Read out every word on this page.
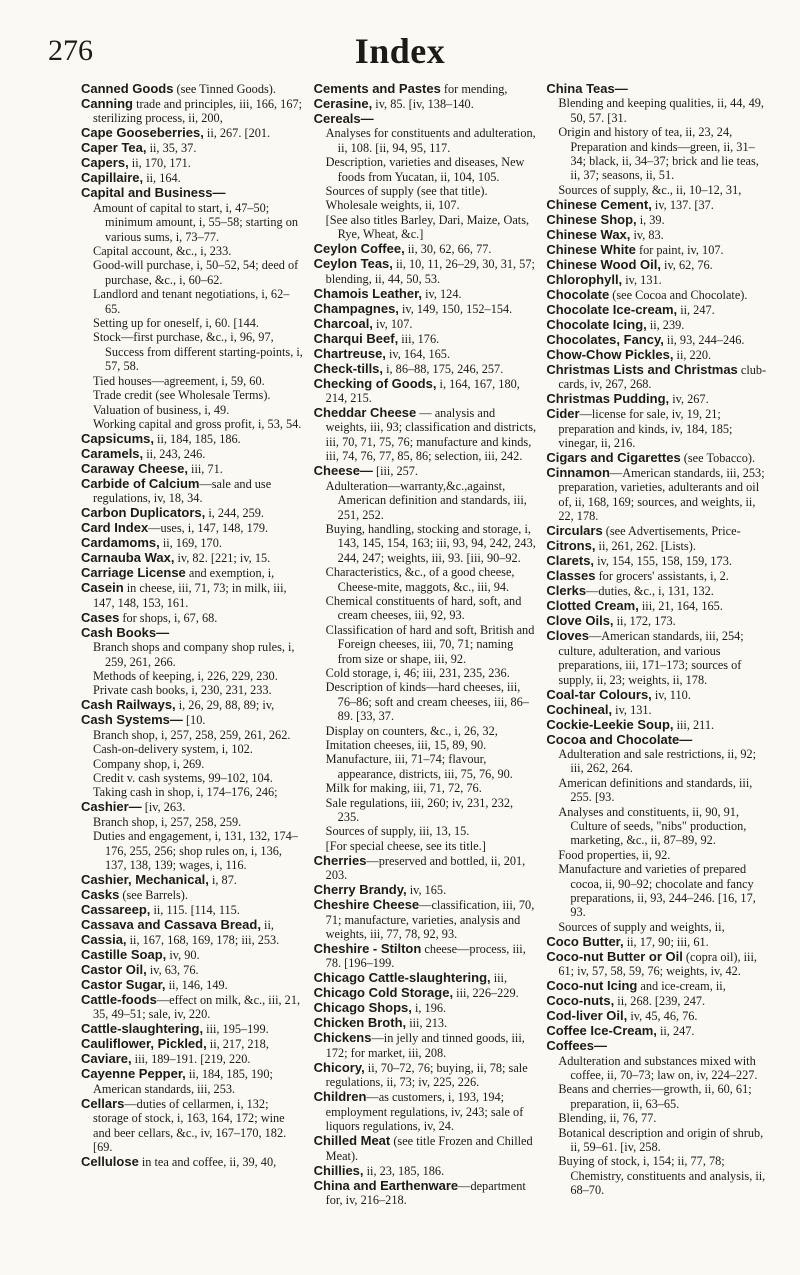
276	Index
Canned Goods (see Tinned Goods).
Canning trade and principles, iii, 166, 167; sterilizing process, ii, 200,
Cape Gooseberries, ii, 267. [201.
Caper Tea, ii, 35, 37.
Capers, ii, 170, 171.
Capillaire, ii, 164.
Capital and Business—
Amount of capital to start, i, 47–50; minimum amount, i, 55–58; starting on various sums, i, 73–77.
Capital account, &c., i, 233.
Good-will purchase, i, 50–52, 54; deed of purchase, &c., i, 60–62.
Landlord and tenant negotiations, i, 62–65.
Setting up for oneself, i, 60. [144.
Stock—first purchase, &c., i, 96, 97, Success from different starting-points, i, 57, 58.
Tied houses—agreement, i, 59, 60.
Trade credit (see Wholesale Terms).
Valuation of business, i, 49.
Working capital and gross profit, i, 53, 54.
Capsicums, ii, 184, 185, 186.
Caramels, ii, 243, 246.
Caraway Cheese, iii, 71.
Carbide of Calcium—sale and use regulations, iv, 18, 34.
Carbon Duplicators, i, 244, 259.
Card Index—uses, i, 147, 148, 179.
Cardamoms, ii, 169, 170.
Carnauba Wax, iv, 82. [221; iv, 15.
Carriage License and exemption, i,
Casein in cheese, iii, 71, 73; in milk, iii, 147, 148, 153, 161.
Cases for shops, i, 67, 68.
Cash Books—
Branch shops and company shop rules, i, 259, 261, 266.
Methods of keeping, i, 226, 229, 230.
Private cash books, i, 230, 231, 233.
Cash Railways, i, 26, 29, 88, 89; iv,
Cash Systems— [10.
Branch shop, i, 257, 258, 259, 261, 262.
Cash-on-delivery system, i, 102.
Company shop, i, 269.
Credit v. cash systems, 99–102, 104.
Taking cash in shop, i, 174–176, 246;
Cashier— [iv, 263.
Branch shop, i, 257, 258, 259.
Duties and engagement, i, 131, 132, 174–176, 255, 256; shop rules on, i, 136, 137, 138, 139; wages, i, 116.
Cashier, Mechanical, i, 87.
Casks (see Barrels).
Cassareep, ii, 115. [114, 115.
Cassava and Cassava Bread, ii,
Cassia, ii, 167, 168, 169, 178; iii, 253.
Castille Soap, iv, 90.
Castor Oil, iv, 63, 76.
Castor Sugar, ii, 146, 149.
Cattle-foods—effect on milk, &c., iii, 21, 35, 49–51; sale, iv, 220.
Cattle-slaughtering, iii, 195–199.
Cauliflower, Pickled, ii, 217, 218,
Caviare, iii, 189–191. [219, 220.
Cayenne Pepper, ii, 184, 185, 190; American standards, iii, 253.
Cellars—duties of cellarmen, i, 132; storage of stock, i, 163, 164, 172; wine and beer cellars, &c., iv, 167–170, 182. [69.
Cellulose in tea and coffee, ii, 39, 40,
Cements and Pastes for mending,
Cerasine, iv, 85. [iv, 138–140.
Cereals—
Analyses for constituents and adulteration, ii, 108. [ii, 94, 95, 117.
Description, varieties and diseases, New foods from Yucatan, ii, 104, 105.
Sources of supply (see that title).
Wholesale weights, ii, 107.
[See also titles Barley, Dari, Maize, Oats, Rye, Wheat, &c.]
Ceylon Coffee, ii, 30, 62, 66, 77.
Ceylon Teas, ii, 10, 11, 26–29, 30, 31, 57; blending, ii, 44, 50, 53.
Chamois Leather, iv, 124.
Champagnes, iv, 149, 150, 152–154.
Charcoal, iv, 107.
Charqui Beef, iii, 176.
Chartreuse, iv, 164, 165.
Check-tills, i, 86–88, 175, 246, 257.
Checking of Goods, i, 164, 167, 180, 214, 215.
Cheddar Cheese — analysis and weights, iii, 93; classification and districts, iii, 70, 71, 75, 76; manufacture and kinds, iii, 74, 76, 77, 85, 86; selection, iii, 242.
Cheese— [iii, 257.
Adulteration—warranty,&c.,against, American definition and standards, iii, 251, 252.
Buying, handling, stocking and storage, i, 143, 145, 154, 163; iii, 93, 94, 242, 243, 244, 247; weights, iii, 93. [iii, 90–92.
Characteristics, &c., of a good cheese, Cheese-mite, maggots, &c., iii, 94.
Chemical constituents of hard, soft, and cream cheeses, iii, 92, 93.
Classification of hard and soft, British and Foreign cheeses, iii, 70, 71; naming from size or shape, iii, 92.
Cold storage, i, 46; iii, 231, 235, 236.
Description of kinds—hard cheeses, iii, 76–86; soft and cream cheeses, iii, 86–89. [33, 37.
Display on counters, &c., i, 26, 32,
Imitation cheeses, iii, 15, 89, 90.
Manufacture, iii, 71–74; flavour, appearance, districts, iii, 75, 76, 90.
Milk for making, iii, 71, 72, 76.
Sale regulations, iii, 260; iv, 231, 232, 235.
Sources of supply, iii, 13, 15.
[For special cheese, see its title.]
Cherries—preserved and bottled, ii, 201, 203.
Cherry Brandy, iv, 165.
Cheshire Cheese—classification, iii, 70, 71; manufacture, varieties, analysis and weights, iii, 77, 78, 92, 93.
Cheshire - Stilton cheese—process, iii, 78. [196–199.
Chicago Cattle-slaughtering, iii,
Chicago Cold Storage, iii, 226–229.
Chicago Shops, i, 196.
Chicken Broth, iii, 213.
Chickens—in jelly and tinned goods, iii, 172; for market, iii, 208.
Chicory, ii, 70–72, 76; buying, ii, 78; sale regulations, ii, 73; iv, 225, 226.
Children—as customers, i, 193, 194; employment regulations, iv, 243; sale of liquors regulations, iv, 24.
Chilled Meat (see title Frozen and Chilled Meat).
Chillies, ii, 23, 185, 186.
China and Earthenware—department for, iv, 216–218.
China Teas—
Blending and keeping qualities, ii, 44, 49, 50, 57. [31.
Origin and history of tea, ii, 23, 24, Preparation and kinds—green, ii, 31–34; black, ii, 34–37; brick and lie teas, ii, 37; seasons, ii, 51.
Sources of supply, &c., ii, 10–12, 31,
Chinese Cement, iv, 137. [37.
Chinese Shop, i, 39.
Chinese Wax, iv, 83.
Chinese White for paint, iv, 107.
Chinese Wood Oil, iv, 62, 76.
Chlorophyll, iv, 131.
Chocolate (see Cocoa and Chocolate).
Chocolate Ice-cream, ii, 247.
Chocolate Icing, ii, 239.
Chocolates, Fancy, ii, 93, 244–246.
Chow-Chow Pickles, ii, 220.
Christmas Lists and Christmas club-cards, iv, 267, 268.
Christmas Pudding, iv, 267.
Cider—license for sale, iv, 19, 21; preparation and kinds, iv, 184, 185; vinegar, ii, 216.
Cigars and Cigarettes (see Tobacco).
Cinnamon—American standards, iii, 253; preparation, varieties, adulterants and oil of, ii, 168, 169; sources, and weights, ii, 22, 178.
Circulars (see Advertisements, Price-
Citrons, ii, 261, 262. [Lists).
Clarets, iv, 154, 155, 158, 159, 173.
Classes for grocers' assistants, i, 2.
Clerks—duties, &c., i, 131, 132.
Clotted Cream, iii, 21, 164, 165.
Clove Oils, ii, 172, 173.
Cloves—American standards, iii, 254; culture, adulteration, and various preparations, iii, 171–173; sources of supply, ii, 23; weights, ii, 178.
Coal-tar Colours, iv, 110.
Cochineal, iv, 131.
Cockie-Leekie Soup, iii, 211.
Cocoa and Chocolate—
Adulteration and sale restrictions, ii, 92; iii, 262, 264.
American definitions and standards, iii, 255. [93.
Analyses and constituents, ii, 90, 91, Culture of seeds, "nibs" production, marketing, &c., ii, 87–89, 92.
Food properties, ii, 92.
Manufacture and varieties of prepared cocoa, ii, 90–92; chocolate and fancy preparations, ii, 93, 244–246. [16, 17, 93.
Sources of supply and weights, ii,
Coco Butter, ii, 17, 90; iii, 61.
Coco-nut Butter or Oil (copra oil), iii, 61; iv, 57, 58, 59, 76; weights, iv, 42.
Coco-nut Icing and ice-cream, ii,
Coco-nuts, ii, 268. [239, 247.
Cod-liver Oil, iv, 45, 46, 76.
Coffee Ice-Cream, ii, 247.
Coffees—
Adulteration and substances mixed with coffee, ii, 70–73; law on, iv, 224–227.
Beans and cherries—growth, ii, 60, 61; preparation, ii, 63–65.
Blending, ii, 76, 77.
Botanical description and origin of shrub, ii, 59–61. [iv, 258.
Buying of stock, i, 154; ii, 77, 78; Chemistry, constituents and analysis, ii, 68–70.
